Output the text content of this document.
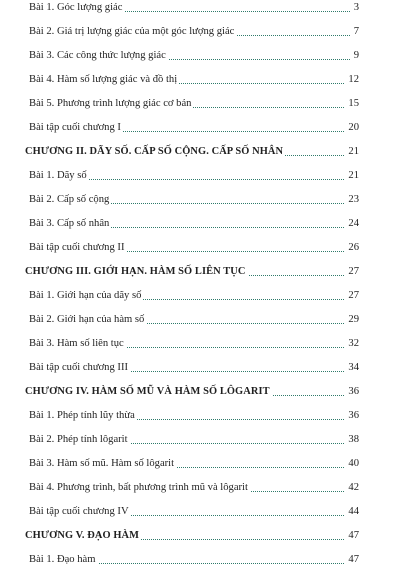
Bài 1. Góc lượng giác	3
Bài 2. Giá trị lượng giác của một góc lượng giác	7
Bài 3. Các công thức lượng giác	9
Bài 4. Hàm số lượng giác và đồ thị	12
Bài 5. Phương trình lượng giác cơ bản	15
Bài tập cuối chương I	20
CHƯƠNG II. DÃY SỐ. CẤP SỐ CỘNG. CẤP SỐ NHÂN	21
Bài 1. Dãy số	21
Bài 2. Cấp số cộng	23
Bài 3. Cấp số nhân	24
Bài tập cuối chương II	26
CHƯƠNG III. GIỚI HẠN. HÀM SỐ LIÊN TỤC	27
Bài 1. Giới hạn của dãy số	27
Bài 2. Giới hạn của hàm số	29
Bài 3. Hàm số liên tục	32
Bài tập cuối chương III	34
CHƯƠNG IV. HÀM SỐ MŨ VÀ HÀM SỐ LÔGARIT	36
Bài 1. Phép tính lũy thừa	36
Bài 2. Phép tính lôgarit	38
Bài 3. Hàm số mũ. Hàm số lôgarit	40
Bài 4. Phương trình, bất phương trình mũ và lôgarit	42
Bài tập cuối chương IV	44
CHƯƠNG V. ĐẠO HÀM	47
Bài 1. Đạo hàm	47
